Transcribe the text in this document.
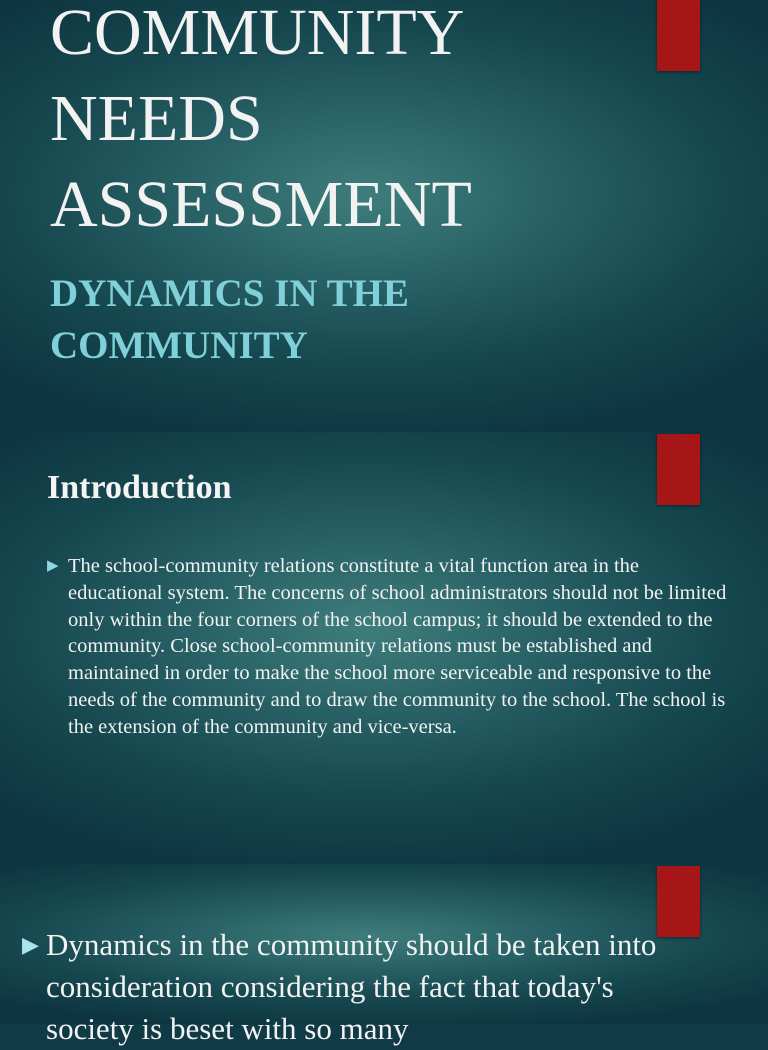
COMMUNITY
NEEDS
ASSESSMENT
DYNAMICS IN THE
COMMUNITY
Introduction
▶ The school-community relations constitute a vital function area in the educational system. The concerns of school administrators should not be limited only within the four corners of the school campus; it should be extended to the community. Close school-community relations must be established and maintained in order to make the school more serviceable and responsive to the needs of the community and to draw the community to the school. The school is the extension of the community and vice-versa.

▶ Dynamics in the community should be taken into consideration considering the fact that today's society is beset with so many
